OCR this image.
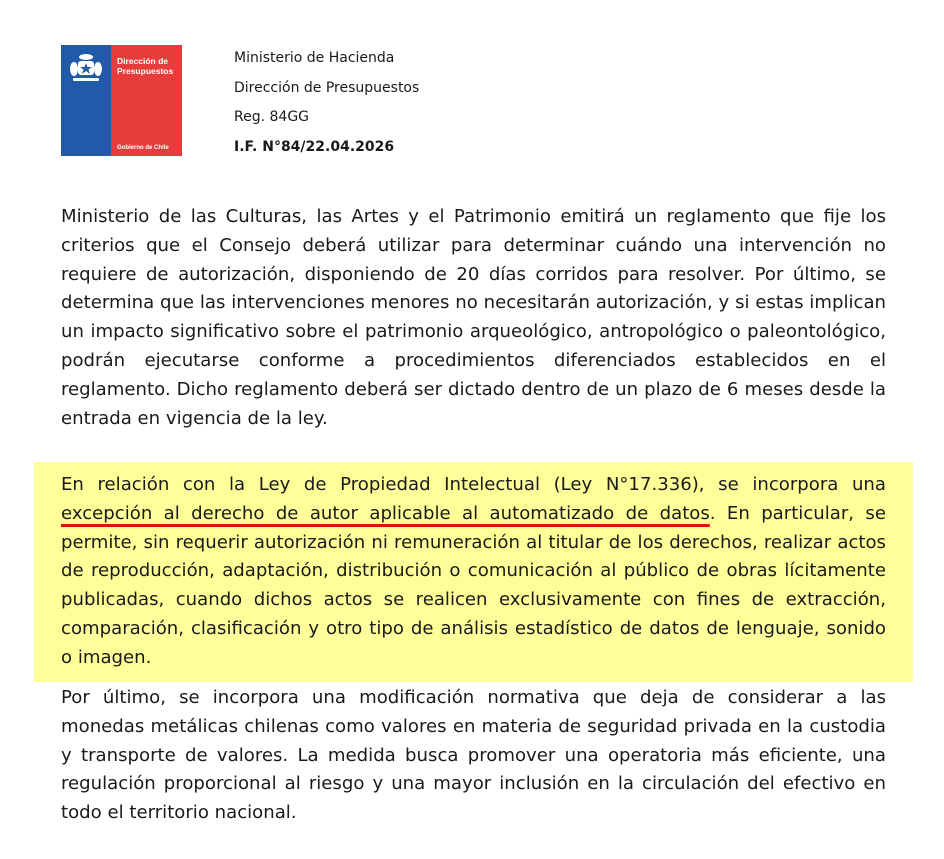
Dirección de
Presupuestos
Gobierno de Chile
Ministerio de Hacienda
Dirección de Presupuestos
Reg. 84GG
I.F. N°84/22.04.2026
Ministerio de las Culturas, las Artes y el Patrimonio emitirá un reglamento que fije los criterios que el Consejo deberá utilizar para determinar cuándo una intervención no requiere de autorización, disponiendo de 20 días corridos para resolver. Por último, se determina que las intervenciones menores no necesitarán autorización, y si estas implican un impacto significativo sobre el patrimonio arqueológico, antropológico o paleontológico, podrán ejecutarse conforme a procedimientos diferenciados establecidos en el reglamento. Dicho reglamento deberá ser dictado dentro de un plazo de 6 meses desde la entrada en vigencia de la ley.
En relación con la Ley de Propiedad Intelectual (Ley N°17.336), se incorpora una excepción al derecho de autor aplicable al automatizado de datos. En particular, se permite, sin requerir autorización ni remuneración al titular de los derechos, realizar actos de reproducción, adaptación, distribución o comunicación al público de obras lícitamente publicadas, cuando dichos actos se realicen exclusivamente con fines de extracción, comparación, clasificación y otro tipo de análisis estadístico de datos de lenguaje, sonido o imagen.
Por último, se incorpora una modificación normativa que deja de considerar a las monedas metálicas chilenas como valores en materia de seguridad privada en la custodia y transporte de valores. La medida busca promover una operatoria más eficiente, una regulación proporcional al riesgo y una mayor inclusión en la circulación del efectivo en todo el territorio nacional.
